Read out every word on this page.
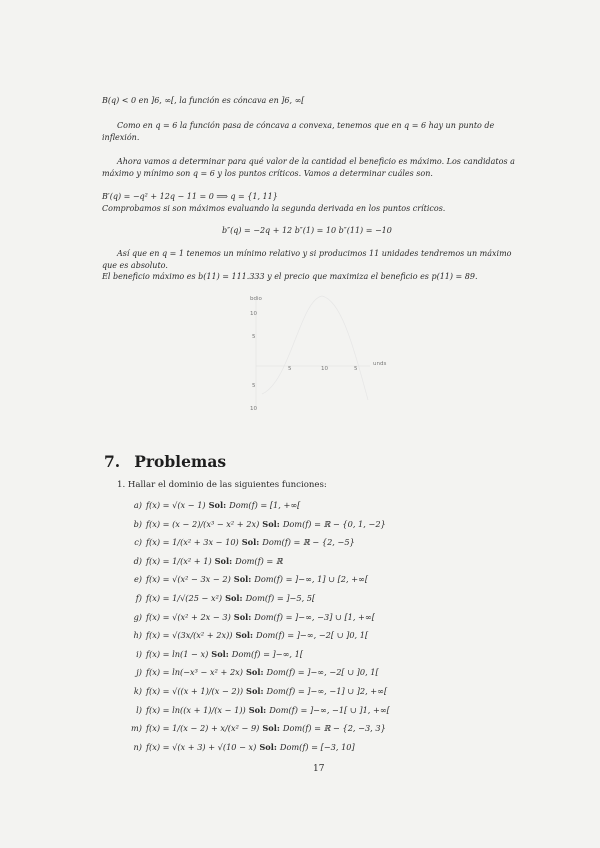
B(q) < 0 en ]6, ∞[, la función es cóncava en ]6, ∞[
Como en q = 6 la función pasa de cóncava a convexa, tenemos que en q = 6 hay un punto de
inflexión.
Ahora vamos a determinar para qué valor de la cantidad el beneficio es máximo. Los candidatos a
máximo y mínimo son q = 6 y los puntos críticos. Vamos a determinar cuáles son.
B′(q) = −q² + 12q − 11 = 0 ⟹ q = {1, 11}
Comprobamos si son máximos evaluando la segunda derivada en los puntos críticos.
b″(q) = −2q + 12 b″(1) = 10 b″(11) = −10
Así que en q = 1 tenemos un mínimo relativo y si producimos 11 unidades tendremos un máximo
que es absoluto.
El beneficio máximo es b(11) = 111.333 y el precio que maximiza el beneficio es p(11) = 89.
bdio
10
5
5	10	5
unds
5
10
7. Problemas
1. Hallar el dominio de las siguientes funciones:
a) f(x) = √(x − 1) Sol: Dom(f) = [1, +∞[
b) f(x) = (x − 2)/(x³ − x² + 2x) Sol: Dom(f) = ℝ − {0, 1, −2}
c) f(x) = 1/(x² + 3x − 10) Sol: Dom(f) = ℝ − {2, −5}
d) f(x) = 1/(x² + 1) Sol: Dom(f) = ℝ
e) f(x) = √(x² − 3x − 2) Sol: Dom(f) = ]−∞, 1] ∪ [2, +∞[
f) f(x) = 1/√(25 − x²) Sol: Dom(f) = ]−5, 5[
g) f(x) = √(x² + 2x − 3) Sol: Dom(f) = ]−∞, −3] ∪ [1, +∞[
h) f(x) = √(3x/(x² + 2x)) Sol: Dom(f) = ]−∞, −2[ ∪ ]0, 1[
i) f(x) = ln(1 − x) Sol: Dom(f) = ]−∞, 1[
j) f(x) = ln(−x³ − x² + 2x) Sol: Dom(f) = ]−∞, −2[ ∪ ]0, 1[
k) f(x) = √((x + 1)/(x − 2)) Sol: Dom(f) = ]−∞, −1] ∪ ]2, +∞[
l) f(x) = ln((x + 1)/(x − 1)) Sol: Dom(f) = ]−∞, −1[ ∪ ]1, +∞[
m) f(x) = 1/(x − 2) + x/(x² − 9) Sol: Dom(f) = ℝ − {2, −3, 3}
n) f(x) = √(x + 3) + √(10 − x) Sol: Dom(f) = [−3, 10]
17
